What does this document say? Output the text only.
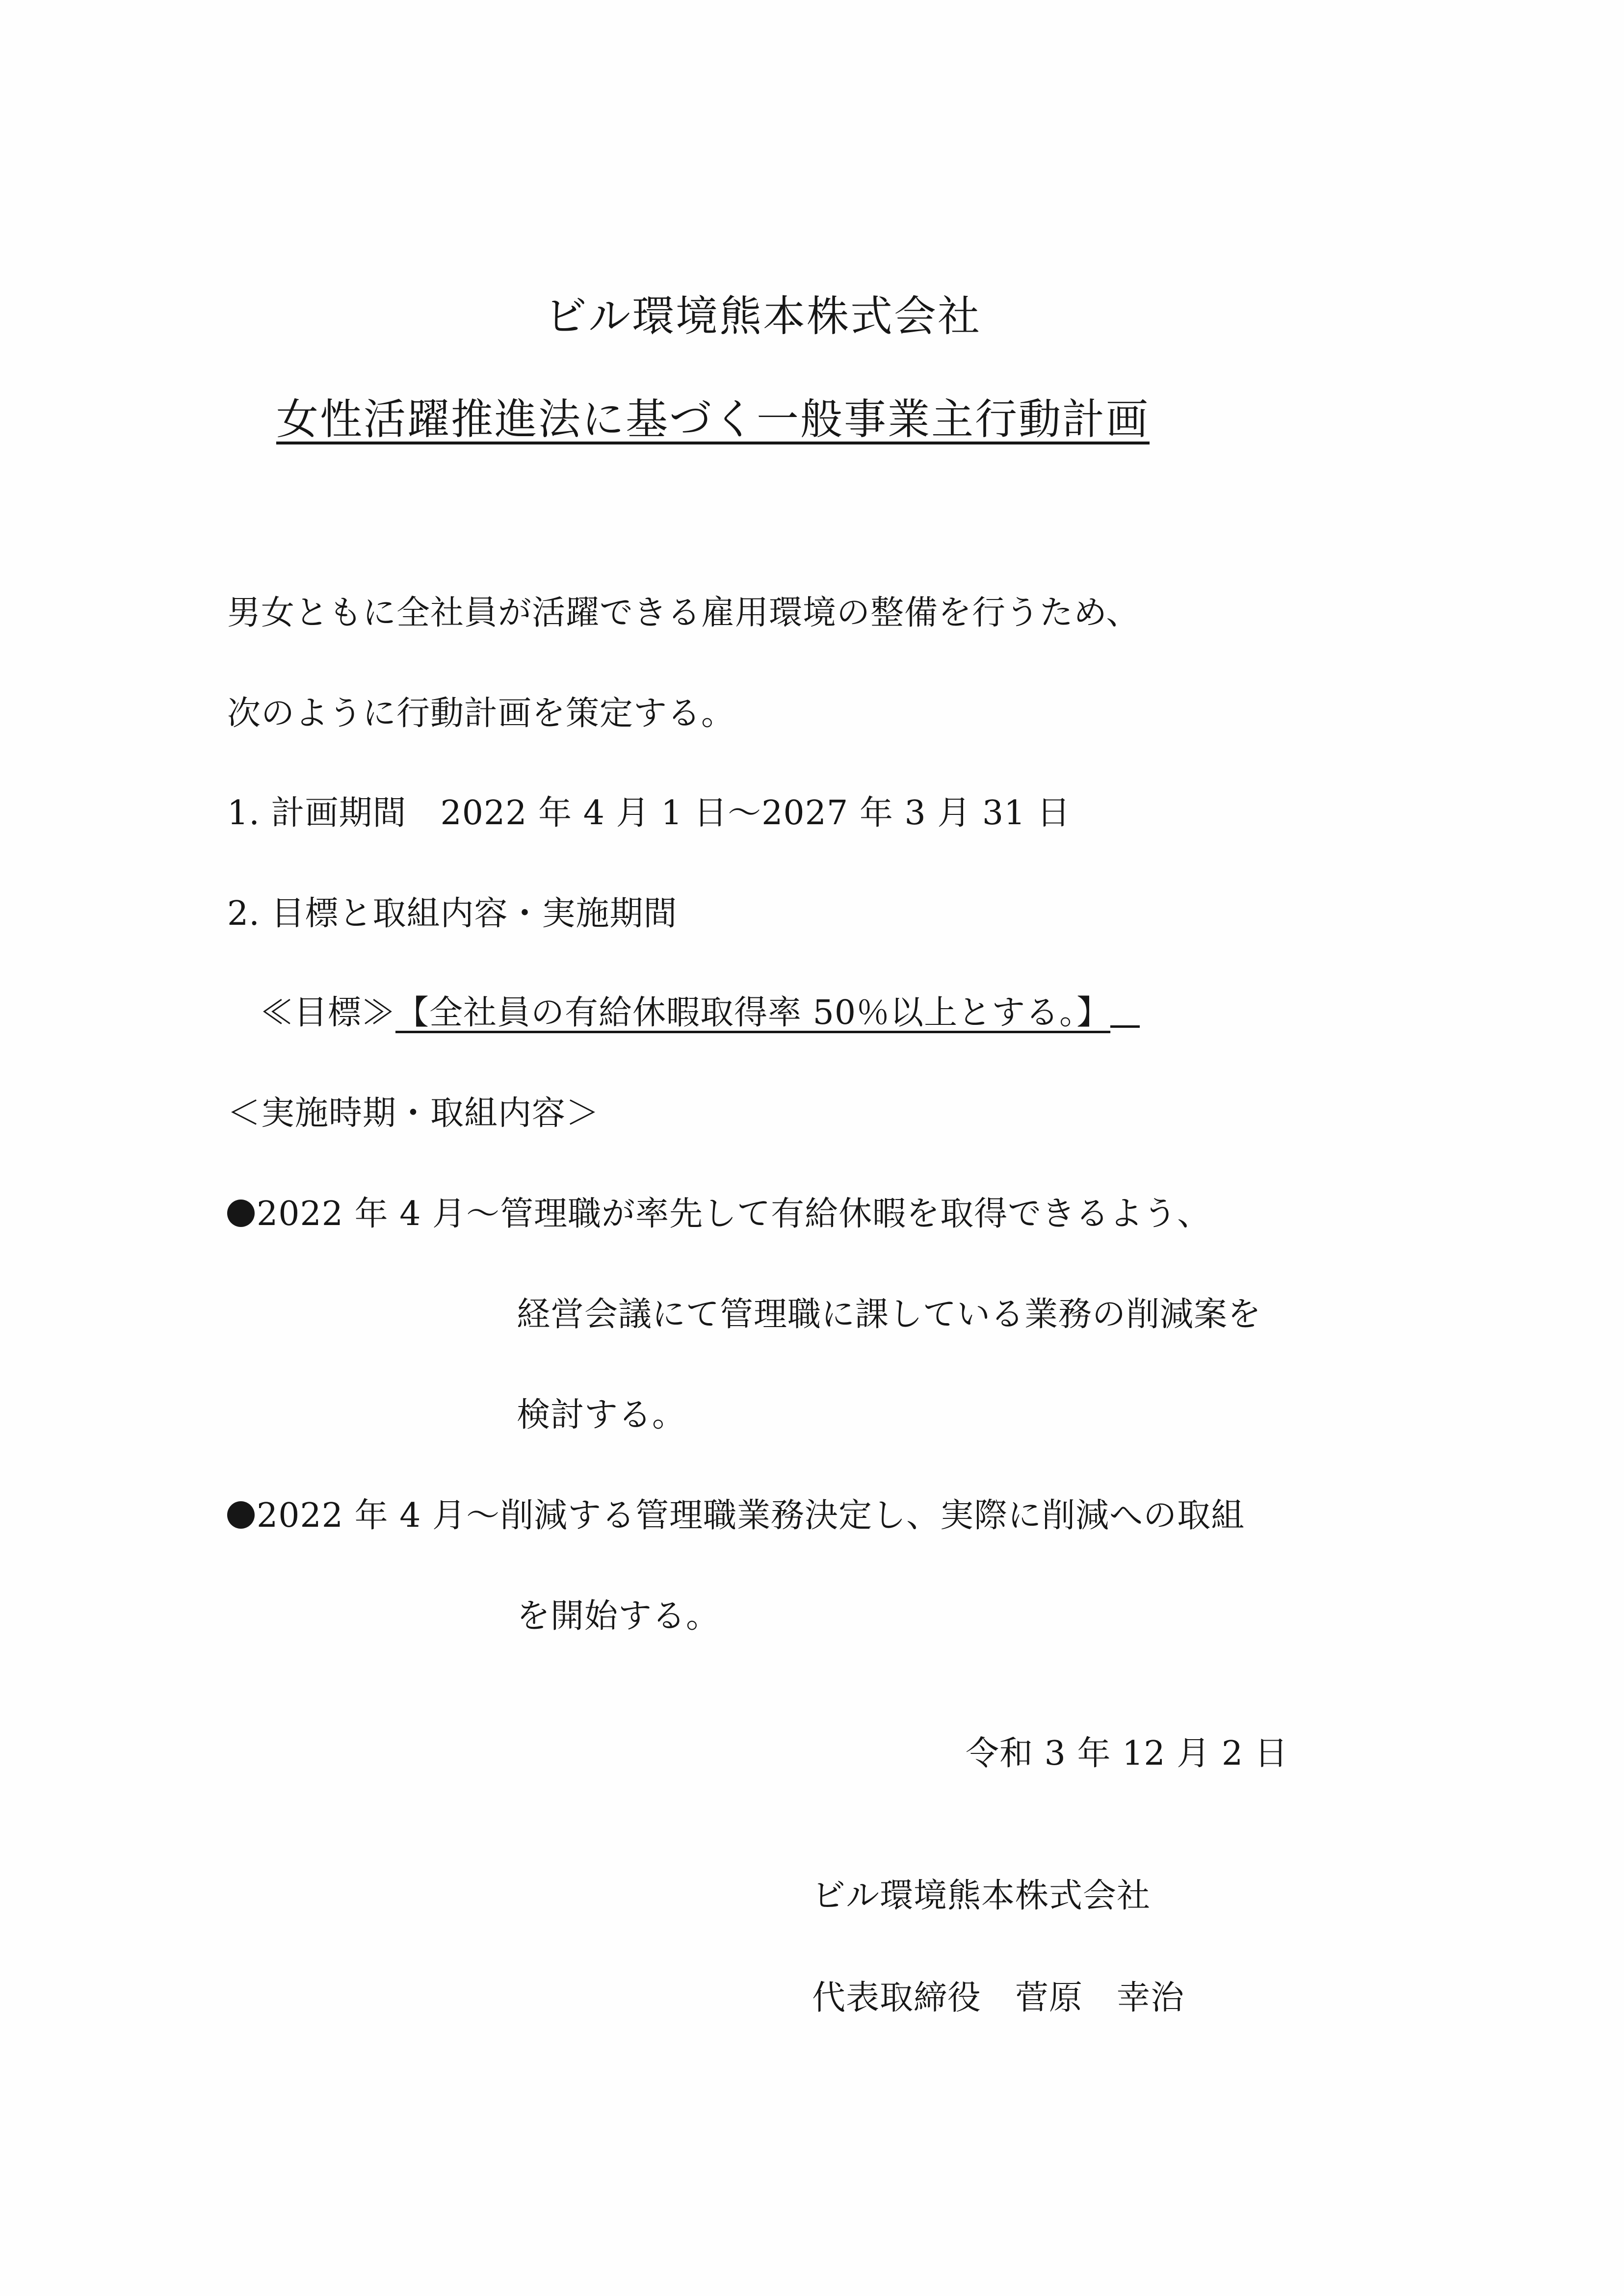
ビル環境熊本株式会社
女性活躍推進法に基づく一般事業主行動計画
男女ともに全社員が活躍できる雇用環境の整備を行うため、
次のように行動計画を策定する。
1. 計画期間　2022 年 4 月 1 日～2027 年 3 月 31 日
2. 目標と取組内容・実施期間
≪目標≫【全社員の有給休暇取得率 50％以上とする。】
＜実施時期・取組内容＞
2022 年 4 月～管理職が率先して有給休暇を取得できるよう、
経営会議にて管理職に課している業務の削減案を
検討する。
2022 年 4 月～削減する管理職業務決定し、実際に削減への取組
を開始する。
令和 3 年 12 月 2 日
ビル環境熊本株式会社
代表取締役　菅原　幸治
